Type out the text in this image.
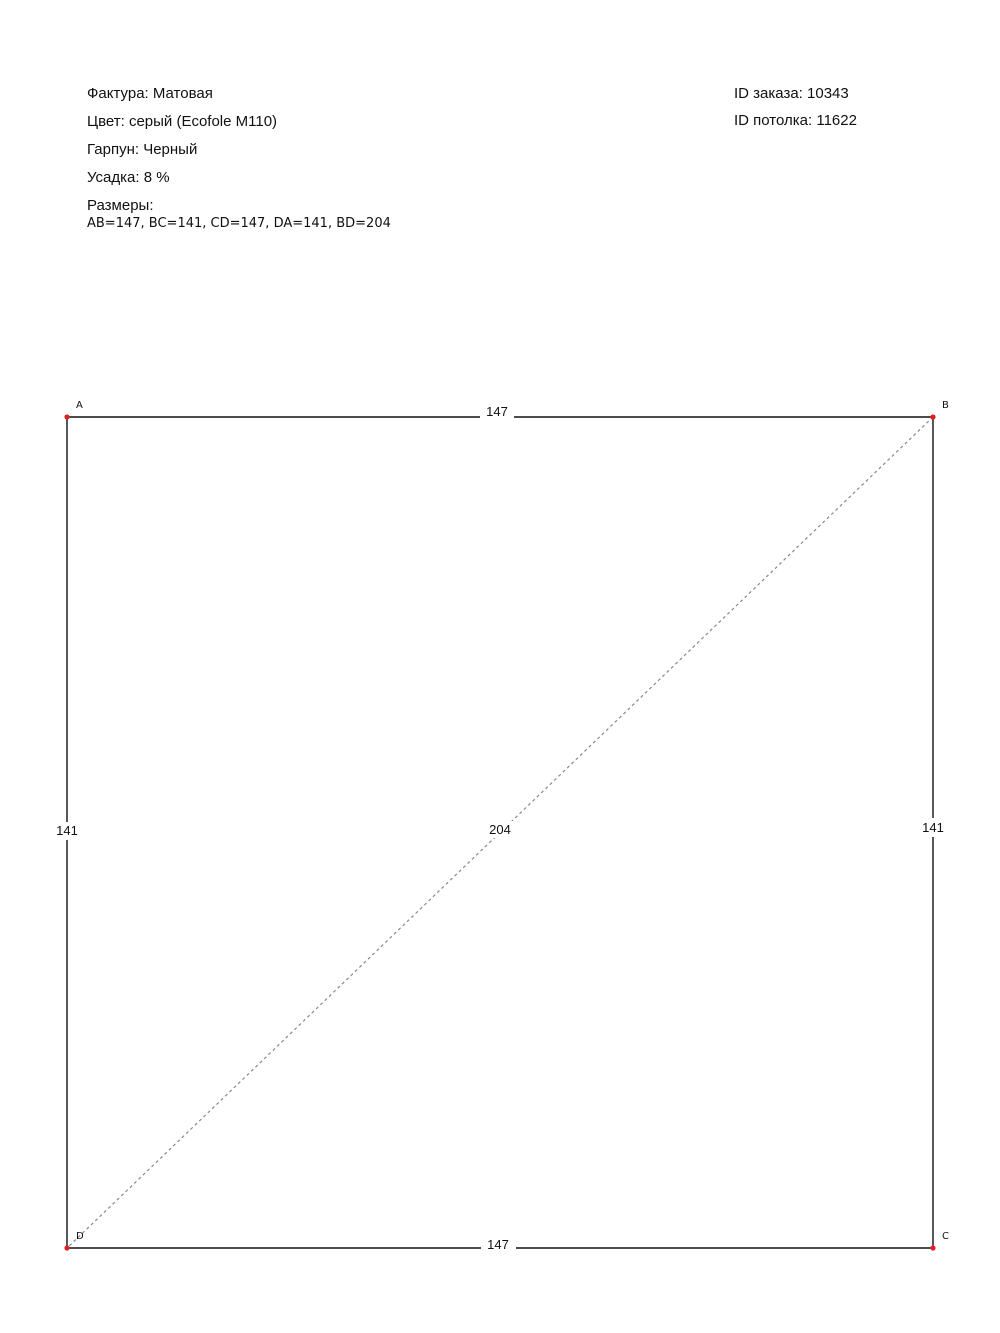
Фактура: Матовая
Цвет: серый (Ecofole M110)
Гарпун: Черный
Усадка: 8 %
Размеры:
AB=147, BC=141, CD=147, DA=141, BD=204
ID заказа: 10343
ID потолка: 11622
204
147
147
141	141
A	B
C
D
